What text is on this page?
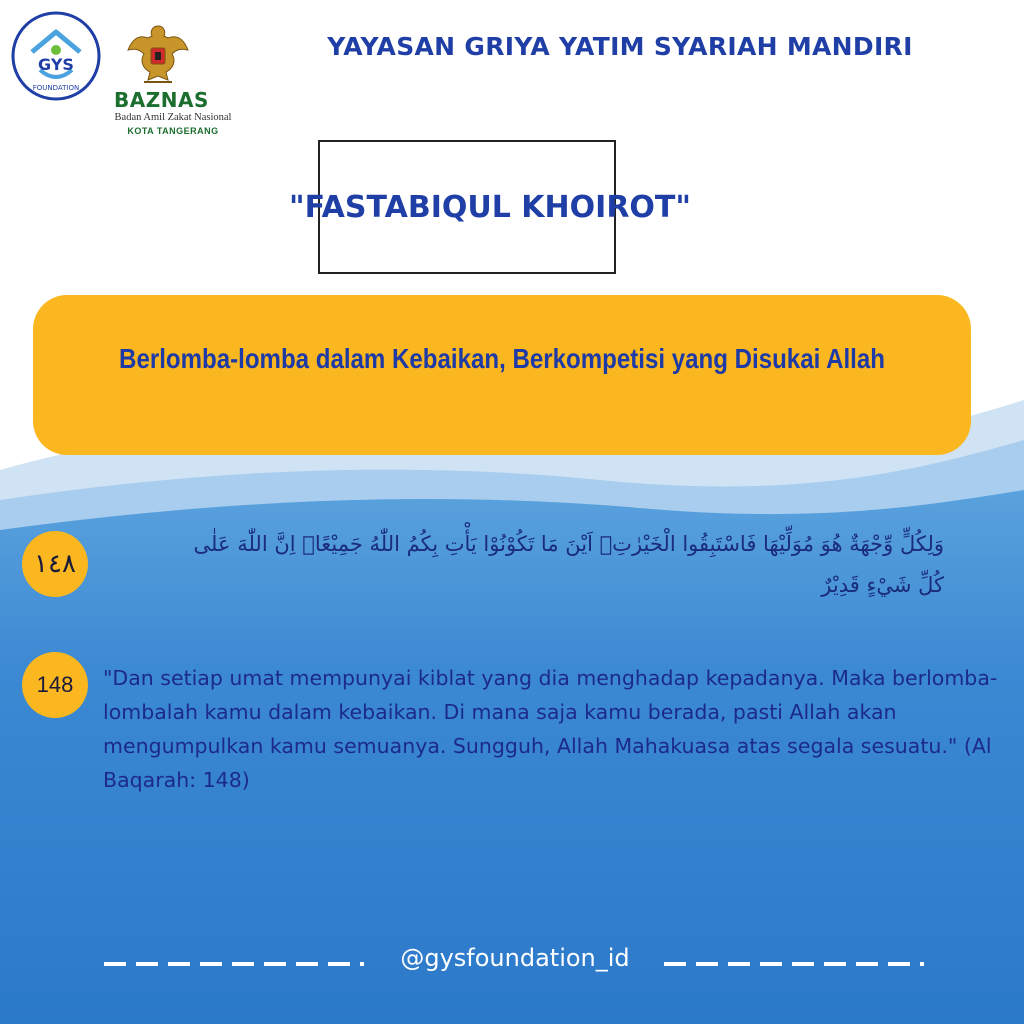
GYS
FOUNDATION BAZNAS
Badan Amil Zakat Nasional
KOTA TANGERANG
YAYASAN GRIYA YATIM SYARIAH MANDIRI
"FASTABIQUL KHOIROT"
Berlomba-lomba dalam Kebaikan, Berkompetisi yang Disukai Allah
١٤٨
وَلِكُلٍّ وِّجْهَةٌ هُوَ مُوَلِّيْهَا فَاسْتَبِقُوا الْخَيْرٰتِۗ اَيْنَ مَا تَكُوْنُوْا يَأْتِ بِكُمُ اللّٰهُ جَمِيْعًاۗ اِنَّ اللّٰهَ عَلٰى كُلِّ شَيْءٍ قَدِيْرٌ
148	"Dan setiap umat mempunyai kiblat yang dia menghadap kepadanya. Maka berlomba-lombalah kamu dalam kebaikan. Di mana saja kamu berada, pasti Allah akan mengumpulkan kamu semuanya. Sungguh, Allah Mahakuasa atas segala sesuatu." (Al Baqarah: 148)
@gysfoundation_id
